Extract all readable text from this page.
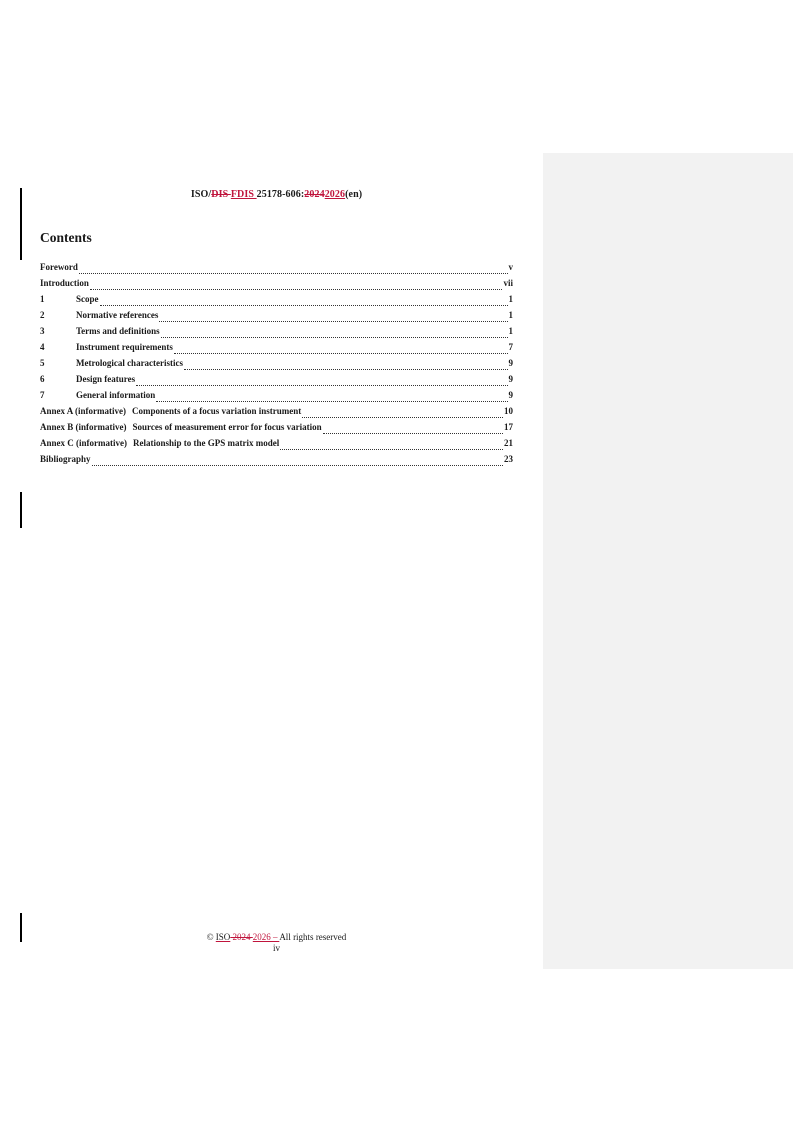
ISO/DIS FDIS 25178-606:20242026(en)
Contents
Foreword	v
Introduction	vii
1	Scope	1
2	Normative references	1
3	Terms and definitions	1
4	Instrument requirements	7
5	Metrological characteristics	9
6	Design features	9
7	General information	9
Annex A (informative) Components of a focus variation instrument	10
Annex B (informative) Sources of measurement error for focus variation	17
Annex C (informative) Relationship to the GPS matrix model	21
Bibliography	23
© ISO 2024 2026 – All rights reserved
iv
